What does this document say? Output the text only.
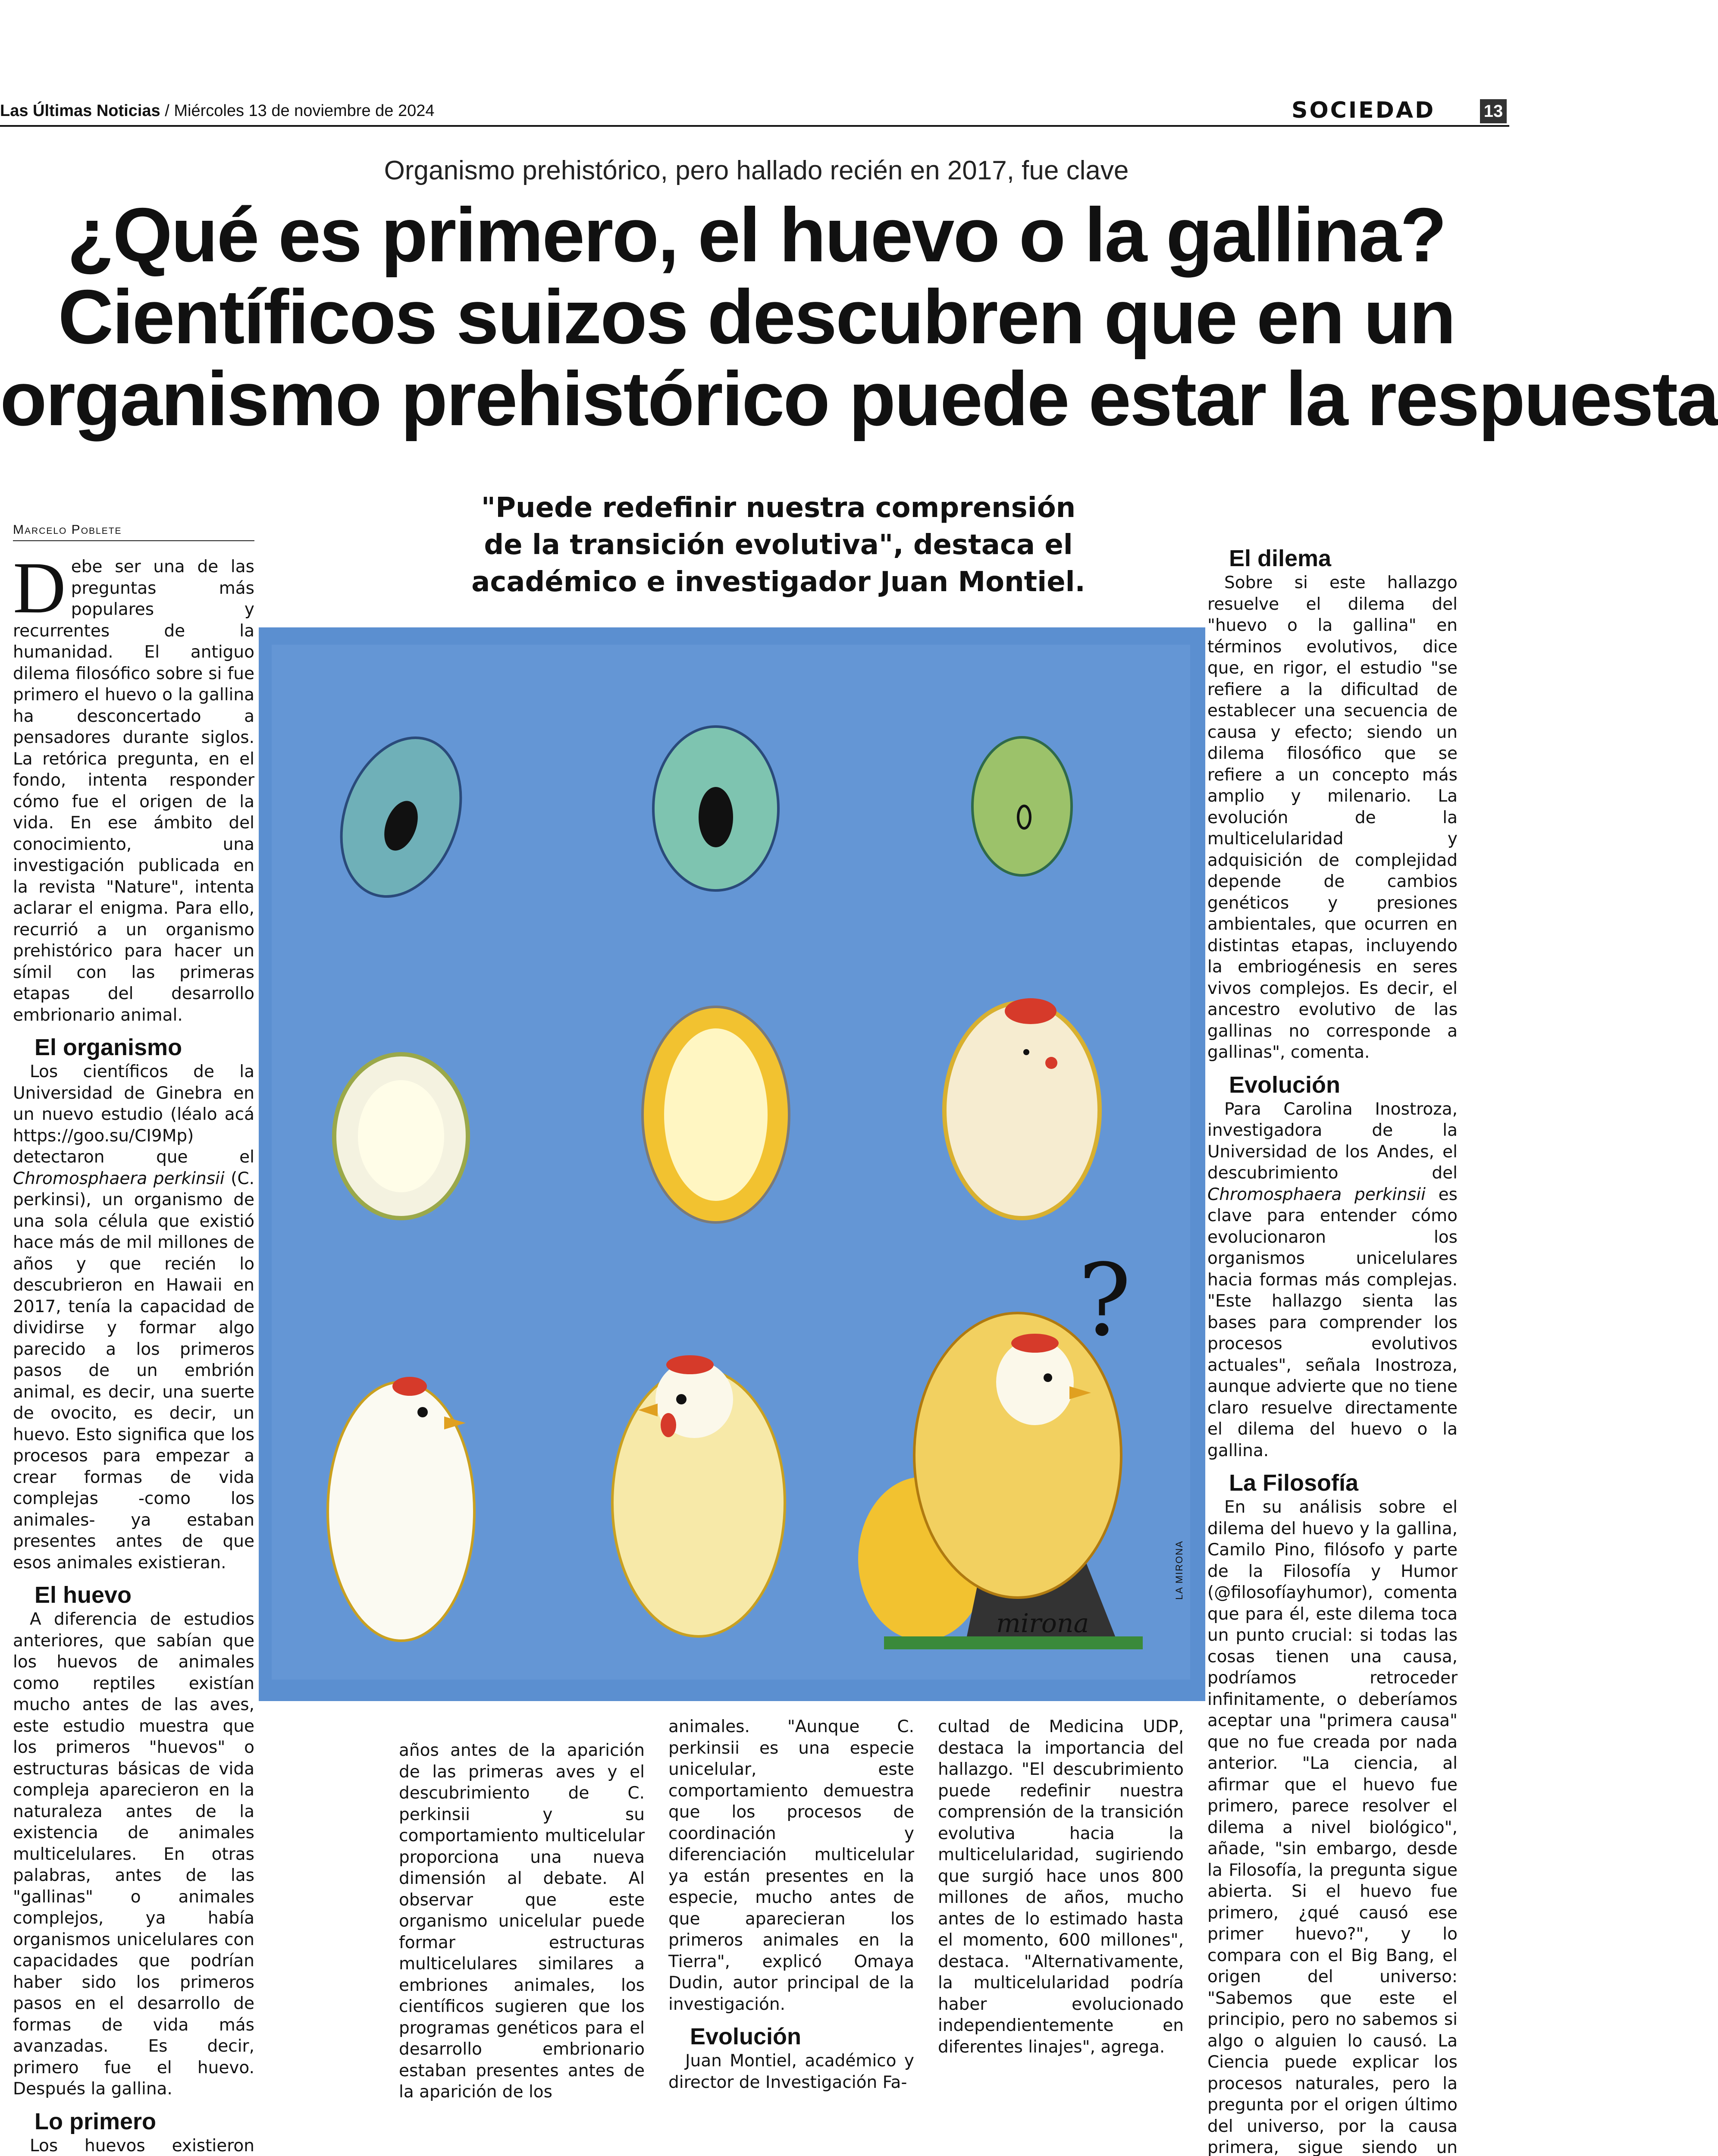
Las Últimas Noticias / Miércoles 13 de noviembre de 2024	SOCIEDAD	13
Organismo prehistórico, pero hallado recién en 2017, fue clave
¿Qué es primero, el huevo o la gallina?
Científicos suizos descubren que en un
organismo prehistórico puede estar la respuesta
Marcelo Poblete
"Puede redefinir nuestra comprensión de la transición evolutiva", destaca el académico e investigador Juan Montiel.

Debe ser una de las preguntas más populares y recurrentes de la humanidad. El antiguo dilema filosófico sobre si fue primero el huevo o la gallina ha desconcertado a pensadores durante siglos. La retórica pregunta, en el fondo, intenta responder cómo fue el origen de la vida. En ese ámbito del conocimiento, una investigación publicada en la revista "Nature", intenta aclarar el enigma. Para ello, recurrió a un organismo prehistórico para hacer un símil con las primeras etapas del desarrollo embrionario animal.

El organismo

 Los científicos de la Universidad de Ginebra en un nuevo estudio (léalo acá https://goo.su/CI9Mp) detectaron que el Chromosphaera perkinsii (C. perkinsi), un organismo de una sola célula que existió hace más de mil millones de años y que recién lo descubrieron en Hawaii en 2017, tenía la capacidad de dividirse y formar algo parecido a los primeros pasos de un embrión animal, es decir, una suerte de ovocito, es decir, un huevo. Esto significa que los procesos para empezar a crear formas de vida complejas -como los animales- ya estaban presentes antes de que esos animales existieran.

El huevo

 A diferencia de estudios anteriores, que sabían que los huevos de animales como reptiles existían mucho antes de las aves, este estudio muestra que los primeros "huevos" o estructuras básicas de vida compleja aparecieron en la naturaleza antes de la existencia de animales multicelulares. En otras palabras, antes de las "gallinas" o animales complejos, ya había organismos unicelulares con capacidades que podrían haber sido los primeros pasos en el desarrollo de formas de vida más avanzadas. Es decir, primero fue el huevo. Después la gallina.

Lo primero

 Los huevos existieron

años antes de la aparición de las primeras aves y el descubrimiento de C. perkinsii y su comportamiento multicelular proporciona una nueva dimensión al debate. Al observar que este organismo unicelular puede formar estructuras multicelulares similares a embriones animales, los científicos sugieren que los programas genéticos para el desarrollo embrionario estaban presentes antes de la aparición de los

animales. "Aunque C. perkinsii es una especie unicelular, este comportamiento demuestra que los procesos de coordinación y diferenciación multicelular ya están presentes en la especie, mucho antes de que aparecieran los primeros animales en la Tierra", explicó Omaya Dudin, autor principal de la investigación.

Evolución

 Juan Montiel, académico y director de Investigación Fa-

cultad de Medicina UDP, destaca la importancia del hallazgo. "El descubrimiento puede redefinir nuestra comprensión de la transición evolutiva hacia la multicelularidad, sugiriendo que surgió hace unos 800 millones de años, mucho antes de lo estimado hasta el momento, 600 millones", destaca. "Alternativamente, la multicelularidad podría haber evolucionado independientemente en diferentes linajes", agrega.

El dilema

 Sobre si este hallazgo resuelve el dilema del "huevo o la gallina" en términos evolutivos, dice que, en rigor, el estudio "se refiere a la dificultad de establecer una secuencia de causa y efecto; siendo un dilema filosófico que se refiere a un concepto más amplio y milenario. La evolución de la multicelularidad y adquisición de complejidad depende de cambios genéticos y presiones ambientales, que ocurren en distintas etapas, incluyendo la embriogénesis en seres vivos complejos. Es decir, el ancestro evolutivo de las gallinas no corresponde a gallinas", comenta.

Evolución

 Para Carolina Inostroza, investigadora de la Universidad de los Andes, el descubrimiento del Chromosphaera perkinsii es clave para entender cómo evolucionaron los organismos unicelulares hacia formas más complejas. "Este hallazgo sienta las bases para comprender los procesos evolutivos actuales", señala Inostroza, aunque advierte que no tiene claro resuelve directamente el dilema del huevo o la gallina.

La Filosofía

 En su análisis sobre el dilema del huevo y la gallina, Camilo Pino, filósofo y parte de la Filosofía y Humor (@filosofíayhumor), comenta que para él, este dilema toca un punto crucial: si todas las cosas tienen una causa, podríamos retroceder infinitamente, o deberíamos aceptar una "primera causa" que no fue creada por nada anterior. "La ciencia, al afirmar que el huevo fue primero, parece resolver el dilema a nivel biológico", añade, "sin embargo, desde la Filosofía, la pregunta sigue abierta. Si el huevo fue primero, ¿qué causó ese primer huevo?", y lo compara con el Big Bang, el origen del universo: "Sabemos que este el principio, pero no sabemos si algo o alguien lo causó. La Ciencia puede explicar los procesos naturales, pero la pregunta por el origen último del universo, por la causa primera, sigue siendo un

?
mirona
LA MIRONA
